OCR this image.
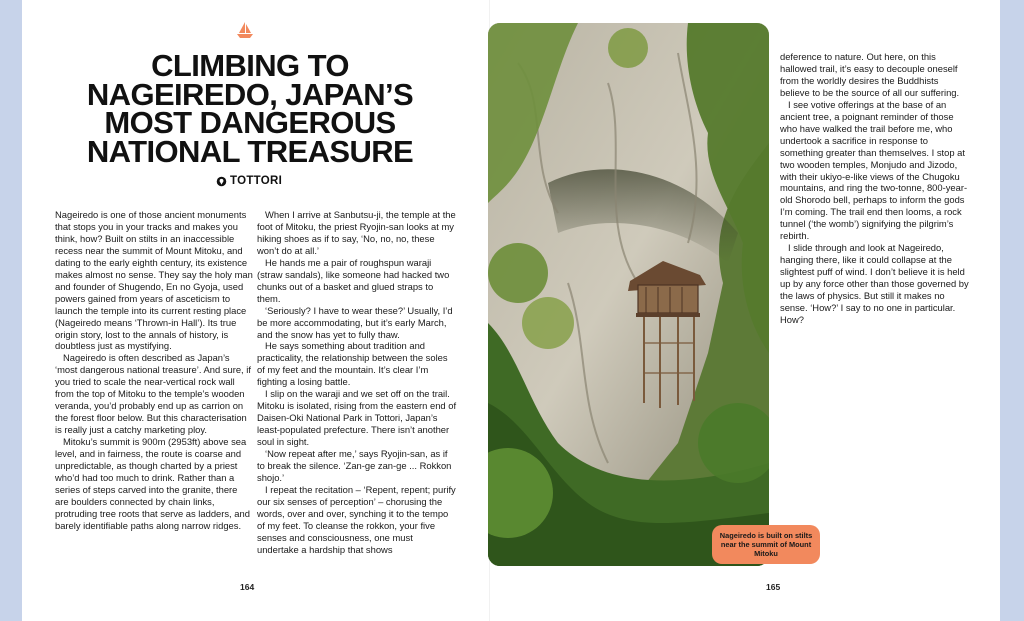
CLIMBING TO
NAGEIREDO, JAPAN’S
MOST DANGEROUS
NATIONAL TREASURE
TOTTORI

Nageiredo is one of those ancient monuments that stops you in your tracks and makes you think, how? Built on stilts in an inaccessible recess near the summit of Mount Mitoku, and dating to the early eighth century, its existence makes almost no sense. They say the holy man and founder of Shugendo, En no Gyoja, used powers gained from years of asceticism to launch the temple into its current resting place (Nageiredo means ‘Thrown-in Hall’). Its true origin story, lost to the annals of history, is doubtless just as mystifying.

Nageiredo is often described as Japan’s ‘most dangerous national treasure’. And sure, if you tried to scale the near-vertical rock wall from the top of Mitoku to the temple’s wooden veranda, you’d probably end up as carrion on the forest floor below. But this characterisation is really just a catchy marketing ploy.

Mitoku’s summit is 900m (2953ft) above sea level, and in fairness, the route is coarse and unpredictable, as though charted by a priest who’d had too much to drink. Rather than a series of steps carved into the granite, there are boulders connected by chain links, protruding tree roots that serve as ladders, and barely identifiable paths along narrow ridges.

When I arrive at Sanbutsu-ji, the temple at the foot of Mitoku, the priest Ryojin-san looks at my hiking shoes as if to say, ‘No, no, no, these won’t do at all.’

He hands me a pair of roughspun waraji (straw sandals), like someone had hacked two chunks out of a basket and glued straps to them.

‘Seriously? I have to wear these?’ Usually, I’d be more accommodating, but it’s early March, and the snow has yet to fully thaw.

He says something about tradition and practicality, the relationship between the soles of my feet and the mountain. It’s clear I’m fighting a losing battle.

I slip on the waraji and we set off on the trail. Mitoku is isolated, rising from the eastern end of Daisen-Oki National Park in Tottori, Japan’s least-populated prefecture. There isn’t another soul in sight.

‘Now repeat after me,’ says Ryojin-san, as if to break the silence. ‘Zan-ge zan-ge ... Rokkon shojo.’

I repeat the recitation – ‘Repent, repent; purify our six senses of perception’ – chorusing the words, over and over, synching it to the tempo of my feet. To cleanse the rokkon, your five senses and consciousness, one must undertake a hardship that shows

Nageiredo is built on stilts near the summit of Mount Mitoku

deference to nature. Out here, on this hallowed trail, it’s easy to decouple oneself from the worldly desires the Buddhists believe to be the source of all our suffering.

I see votive offerings at the base of an ancient tree, a poignant reminder of those who have walked the trail before me, who undertook a sacrifice in response to something greater than themselves. I stop at two wooden temples, Monjudo and Jizodo, with their ukiyo-e-like views of the Chugoku mountains, and ring the two-tonne, 800-year-old Shorodo bell, perhaps to inform the gods I’m coming. The trail end then looms, a rock tunnel (‘the womb’) signifying the pilgrim’s rebirth.

I slide through and look at Nageiredo, hanging there, like it could collapse at the slightest puff of wind. I don’t believe it is held up by any force other than those governed by the laws of physics. But still it makes no sense. ‘How?’ I say to no one in particular. How?

164	165
